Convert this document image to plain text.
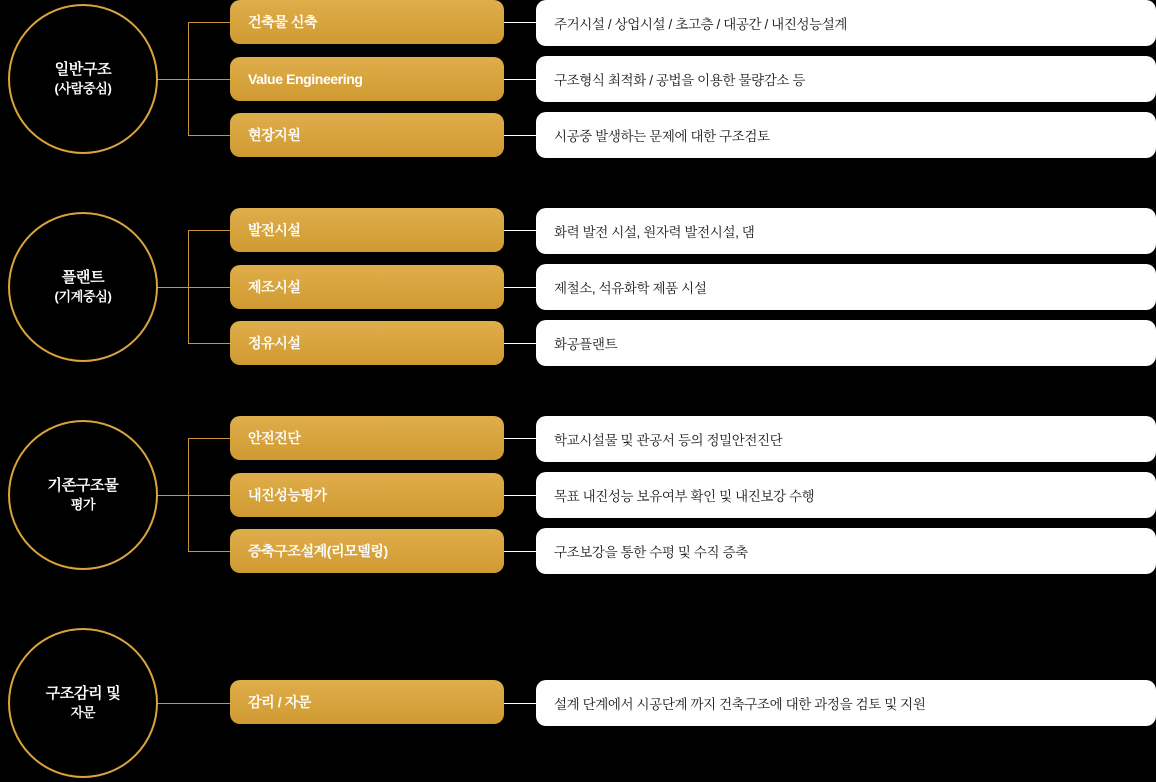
일반구조
(사람중심)
건축물 신축
Value Engineering
현장지원
주거시설 / 상업시설 / 초고층 / 대공간 / 내진성능설계
구조형식 최적화 / 공법을 이용한 물량감소 등
시공중 발생하는 문제에 대한 구조검토
플랜트
(기계중심)
발전시설
제조시설
정유시설
화력 발전 시설, 원자력 발전시설, 댐
제철소, 석유화학 제품 시설
화공플랜트
기존구조물
평가
안전진단
내진성능평가
증축구조설계(리모델링)
학교시설물 및 관공서 등의 정밀안전진단
목표 내진성능 보유여부 확인 및 내진보강 수행
구조보강을 통한 수평 및 수직 증축
구조감리 및
자문
감리 / 자문	설계 단계에서 시공단계 까지 건축구조에 대한 과정을 검토 및 지원
